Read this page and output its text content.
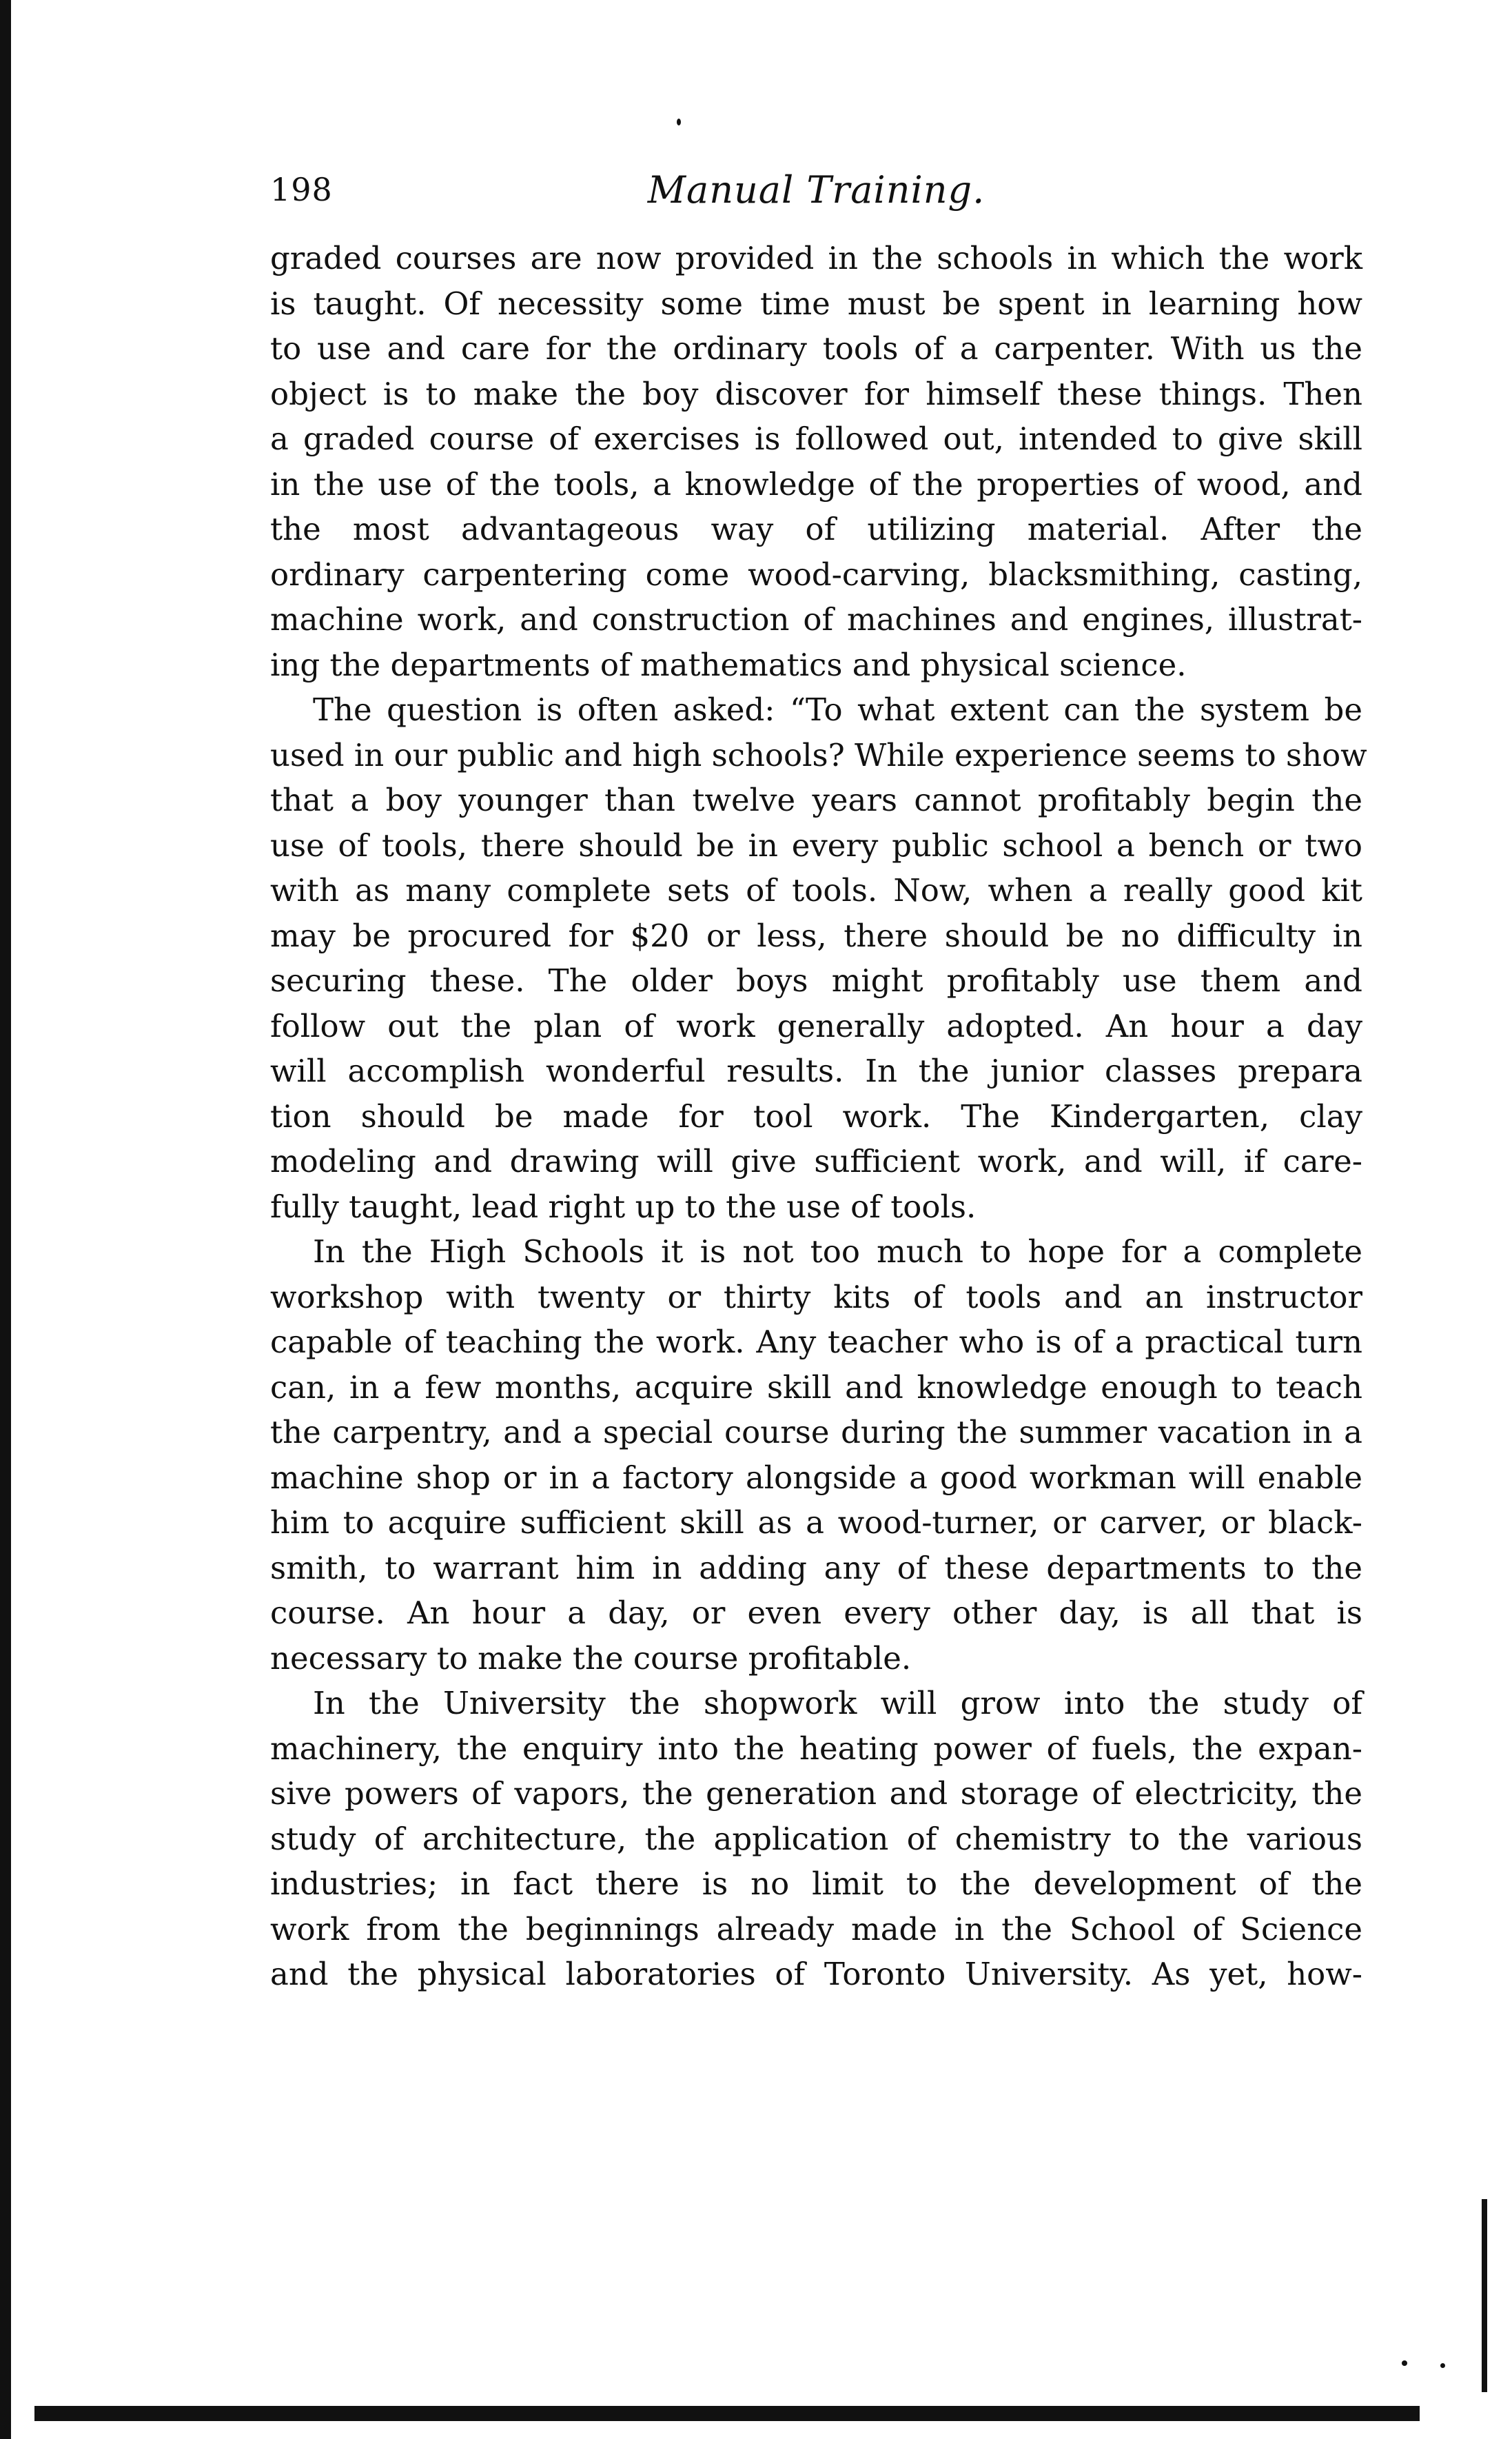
198	Manual Training.

graded courses are now provided in the schools in which the work
is taught. Of necessity some time must be spent in learning how
to use and care for the ordinary tools of a carpenter. With us the
object is to make the boy discover for himself these things. Then
a graded course of exercises is followed out, intended to give skill
in the use of the tools, a knowledge of the properties of wood, and
the most advantageous way of utilizing material. After the
ordinary carpentering come wood-carving, blacksmithing, casting,
machine work, and construction of machines and engines, illustrat-
ing the departments of mathematics and physical science.

The question is often asked: “To what extent can the system be
used in our public and high schools? While experience seems to show
that a boy younger than twelve years cannot profitably begin the
use of tools, there should be in every public school a bench or two
with as many complete sets of tools. Now, when a really good kit
may be procured for $20 or less, there should be no difficulty in
securing these. The older boys might profitably use them and
follow out the plan of work generally adopted. An hour a day
will accomplish wonderful results. In the junior classes prepara
tion should be made for tool work. The Kindergarten, clay
modeling and drawing will give sufficient work, and will, if care-
fully taught, lead right up to the use of tools.

In the High Schools it is not too much to hope for a complete
workshop with twenty or thirty kits of tools and an instructor
capable of teaching the work. Any teacher who is of a practical turn
can, in a few months, acquire skill and knowledge enough to teach
the carpentry, and a special course during the summer vacation in a
machine shop or in a factory alongside a good workman will enable
him to acquire sufficient skill as a wood-turner, or carver, or black-
smith, to warrant him in adding any of these departments to the
course. An hour a day, or even every other day, is all that is
necessary to make the course profitable.

In the University the shopwork will grow into the study of
machinery, the enquiry into the heating power of fuels, the expan-
sive powers of vapors, the generation and storage of electricity, the
study of architecture, the application of chemistry to the various
industries; in fact there is no limit to the development of the
work from the beginnings already made in the School of Science
and the physical laboratories of Toronto University. As yet, how-
